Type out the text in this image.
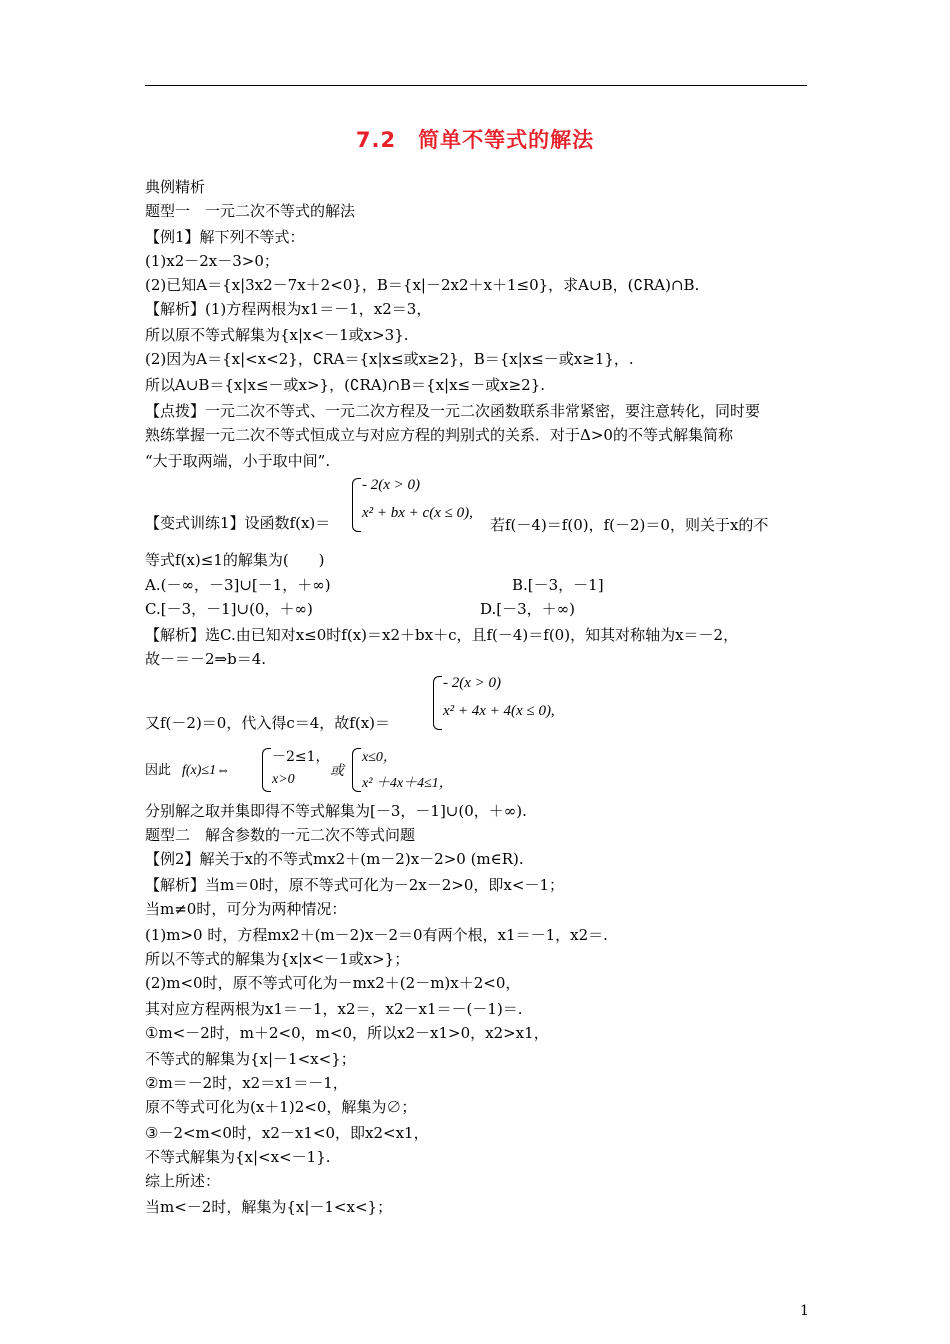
7.2　简单不等式的解法
典例精析
题型一　一元二次不等式的解法
【例1】解下列不等式：
(1)x2－2x－3>0；
(2)已知A＝{x|3x2－7x＋2<0}，B＝{x|－2x2＋x＋1≤0}，求A∪B，(∁RA)∩B.
【解析】(1)方程两根为x1＝－1，x2＝3，
所以原不等式解集为{x|x<－1或x>3}.
(2)因为A＝{x|<x<2}，∁RA＝{x|x≤或x≥2}，B＝{x|x≤－或x≥1}，.
所以A∪B＝{x|x≤－或x>}，(∁RA)∩B＝{x|x≤－或x≥2}.
【点拨】一元二次不等式、一元二次方程及一元二次函数联系非常紧密，要注意转化，同时要
熟练掌握一元二次不等式恒成立与对应方程的判别式的关系．对于Δ>0的不等式解集简称
“大于取两端，小于取中间”.
【变式训练1】设函数f(x)＝
- 2(x > 0)
x² + bx + c(x ≤ 0),
若f(－4)＝f(0)，f(－2)＝0，则关于x的不
等式f(x)≤1的解集为(　　)
A.(－∞，－3]∪[－1，＋∞)	B.[－3，－1]
C.[－3，－1]∪(0，＋∞)	D.[－3，＋∞)
【解析】选C.由已知对x≤0时f(x)＝x2＋bx＋c，且f(－4)＝f(0)，知其对称轴为x＝－2，
故－＝－2⇒b＝4.
- 2(x > 0)
x² + 4x + 4(x ≤ 0),
又f(－2)＝0，代入得c＝4，故f(x)＝
因此 f(x)≤1⇔
－2≤1，
x>0
或
x≤0，
x² ＋4x＋4≤1，
分别解之取并集即得不等式解集为[－3，－1]∪(0，＋∞).
题型二　解含参数的一元二次不等式问题
【例2】解关于x的不等式mx2＋(m－2)x－2>0 (m∈R).
【解析】当m＝0时，原不等式可化为－2x－2>0，即x<－1；
当m≠0时，可分为两种情况：
(1)m>0 时，方程mx2＋(m－2)x－2＝0有两个根，x1＝－1，x2＝.
所以不等式的解集为{x|x<－1或x>}；
(2)m<0时，原不等式可化为－mx2＋(2－m)x＋2<0，
其对应方程两根为x1＝－1，x2＝，x2－x1＝－(－1)＝.
①m<－2时，m＋2<0，m<0，所以x2－x1>0，x2>x1，
不等式的解集为{x|－1<x<}；
②m＝－2时，x2＝x1＝－1，
原不等式可化为(x＋1)2<0，解集为∅；
③－2<m<0时，x2－x1<0，即x2<x1，
不等式解集为{x|<x<－1}.
综上所述：
当m<－2时，解集为{x|－1<x<}；
1
